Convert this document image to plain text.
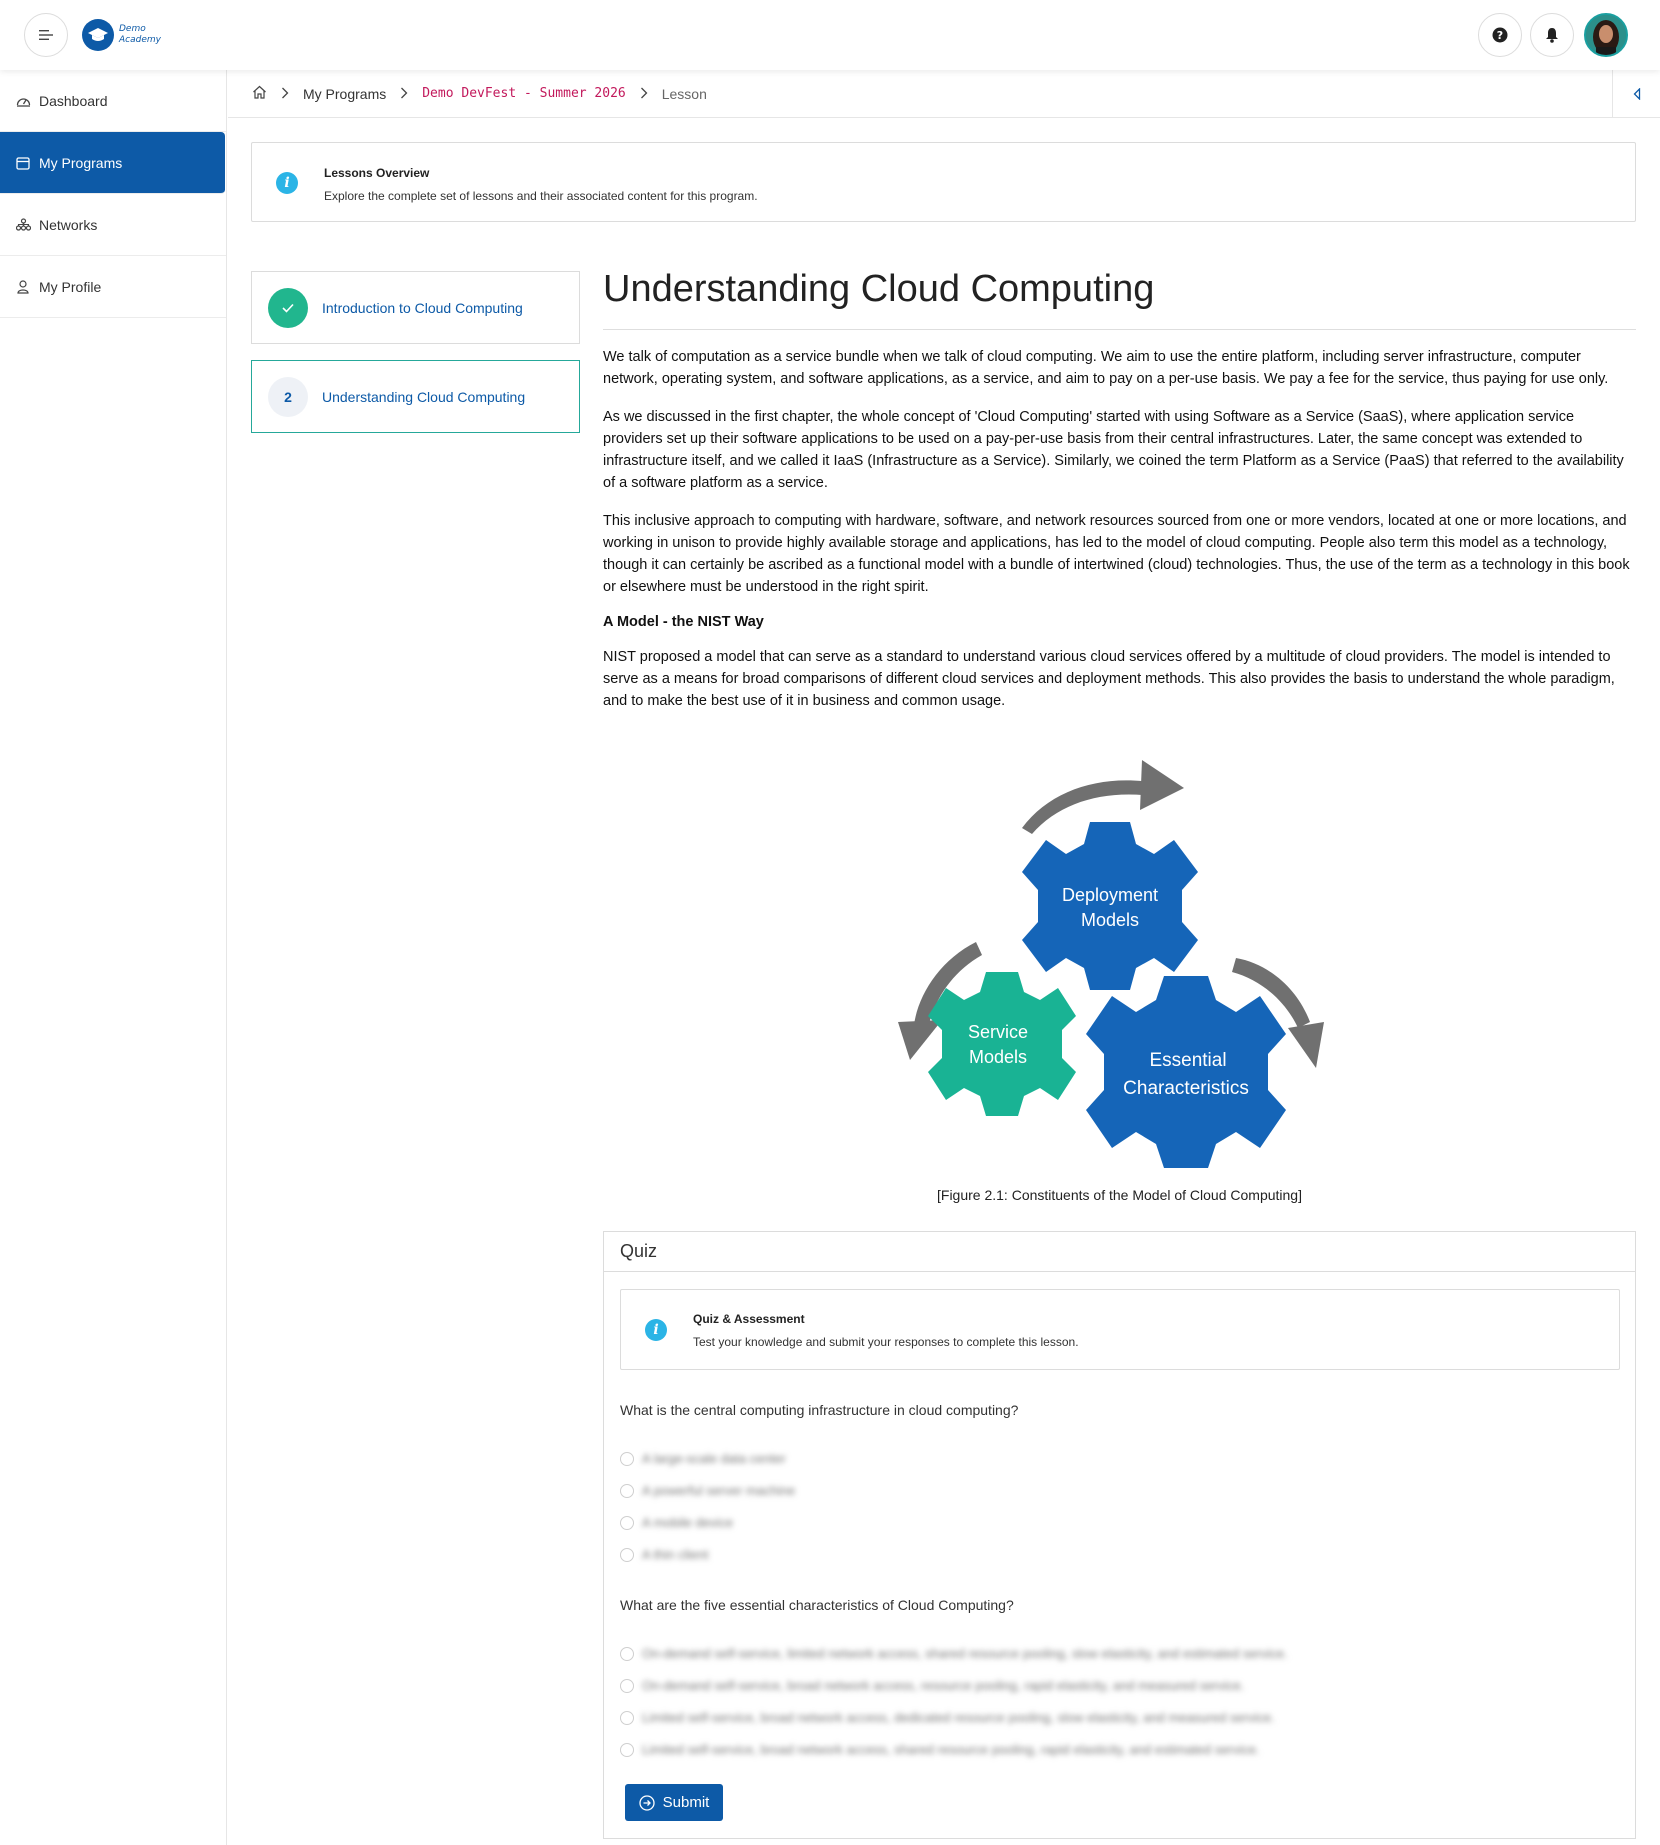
Demo
Academy	?
Dashboard
My Programs
Networks
My Profile
My Programs	Demo DevFest - Summer 2026	Lesson
i
Lessons Overview
Explore the complete set of lessons and their associated content for this program.
Introduction to Cloud Computing
2	Understanding Cloud Computing
Understanding Cloud Computing

We talk of computation as a service bundle when we talk of cloud computing. We aim to use the entire platform, including server infrastructure, computer network, operating system, and software applications, as a service, and aim to pay on a per-use basis. We pay a fee for the service, thus paying for use only.

As we discussed in the first chapter, the whole concept of 'Cloud Computing' started with using Software as a Service (SaaS), where application service providers set up their software applications to be used on a pay-per-use basis from their central infrastructures. Later, the same concept was extended to infrastructure itself, and we called it IaaS (Infrastructure as a Service). Similarly, we coined the term Platform as a Service (PaaS) that referred to the availability of a software platform as a service.

This inclusive approach to computing with hardware, software, and network resources sourced from one or more vendors, located at one or more locations, and working in unison to provide highly available storage and applications, has led to the model of cloud computing. People also term this model as a technology, though it can certainly be ascribed as a functional model with a bundle of intertwined (cloud) technologies. Thus, the use of the term as a technology in this book or elsewhere must be understood in the right spirit.

A Model - the NIST Way

NIST proposed a model that can serve as a standard to understand various cloud services offered by a multitude of cloud providers. The model is intended to serve as a means for broad comparisons of different cloud services and deployment methods. This also provides the basis to understand the whole paradigm, and to make the best use of it in business and common usage.

Deployment
Models
Service
Models	Essential
Characteristics
[Figure 2.1: Constituents of the Model of Cloud Computing]
Quiz
i
Quiz & Assessment
Test your knowledge and submit your responses to complete this lesson.
What is the central computing infrastructure in cloud computing?
A large-scale data center
A powerful server machine
A mobile device
A thin client
What are the five essential characteristics of Cloud Computing?
On-demand self-service, limited network access, shared resource pooling, slow elasticity, and estimated service.
On-demand self-service, broad network access, resource pooling, rapid elasticity, and measured service.
Limited self-service, broad network access, dedicated resource pooling, slow elasticity, and measured service.
Limited self-service, broad network access, shared resource pooling, rapid elasticity, and estimated service.
Submit
